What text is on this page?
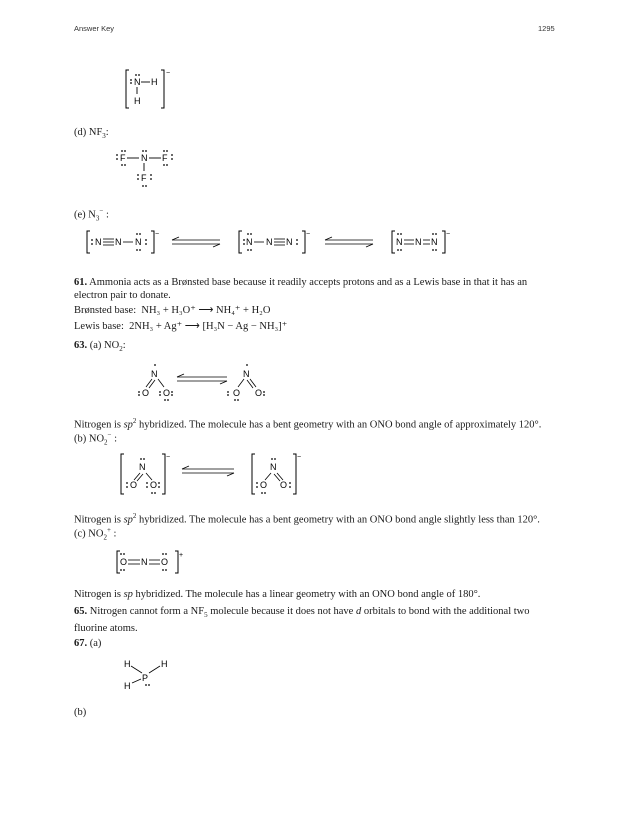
Answer Key	1295
−
N H
H
(d) $NF_3$:
F N F
F
(e) $N_3^-$ :
−
N N N
−
N N N
−
N N N
61. Ammonia acts as a Brønsted base because it readily accepts protons and as a Lewis base in that it has an electron pair to donate.
Brønsted base: NH₃ + H₃O⁺ ⟶ NH₄⁺ + H₂O
Lewis base: 2NH₃ + Ag⁺ ⟶ [H₃N − Ag − NH₃]⁺
63. (a) $NO_2$:
N
O O
N
O O
Nitrogen is $sp^2$ hybridized. The molecule has a bent geometry with an ONO bond angle of approximately 120°.
(b) $NO_2^-$ :
−
N
O O
−
N
O O
Nitrogen is $sp^2$ hybridized. The molecule has a bent geometry with an ONO bond angle slightly less than 120°.
(c) $NO_2^+$ :
+
O N O
Nitrogen is sp hybridized. The molecule has a linear geometry with an ONO bond angle of 180°.
65. Nitrogen cannot form a $NF_5$ molecule because it does not have d orbitals to bond with the additional two fluorine atoms.
67. (a)
H	H
P
H
(b)
